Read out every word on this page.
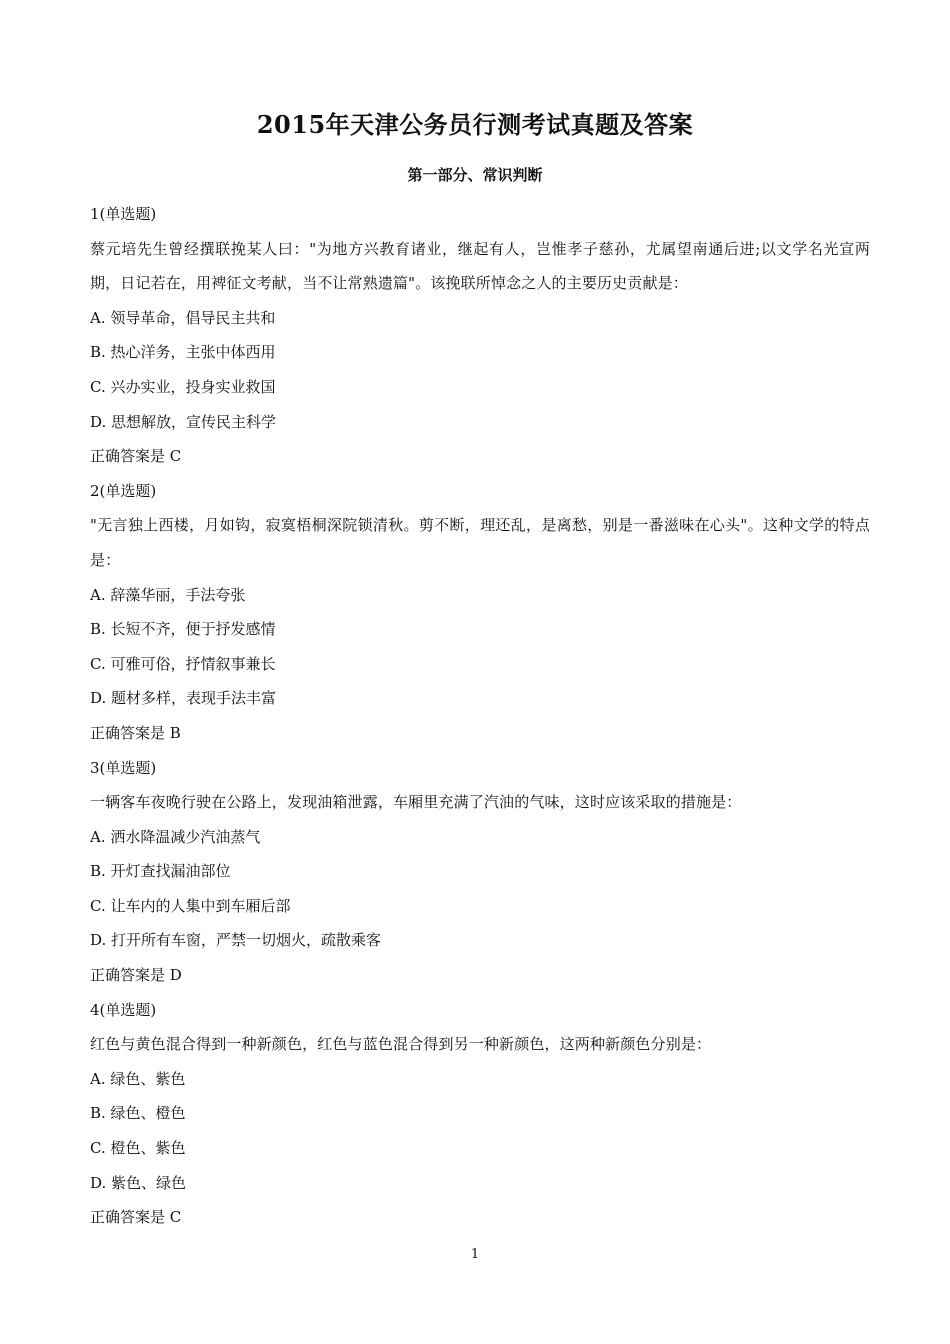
2015年天津公务员行测考试真题及答案
第一部分、常识判断
1(单选题)
蔡元培先生曾经撰联挽某人曰："为地方兴教育诸业，继起有人，岂惟孝子慈孙，尤属望南通后进;以文学名光宣两期，日记若在，用裨征文考献，当不让常熟遗篇"。该挽联所悼念之人的主要历史贡献是：
A. 领导革命，倡导民主共和
B. 热心洋务，主张中体西用
C. 兴办实业，投身实业救国
D. 思想解放，宣传民主科学
正确答案是 C
2(单选题)
"无言独上西楼，月如钩，寂寞梧桐深院锁清秋。剪不断，理还乱，是离愁，别是一番滋味在心头"。这种文学的特点是：
A. 辞藻华丽，手法夸张
B. 长短不齐，便于抒发感情
C. 可雅可俗，抒情叙事兼长
D. 题材多样，表现手法丰富
正确答案是 B
3(单选题)
一辆客车夜晚行驶在公路上，发现油箱泄露，车厢里充满了汽油的气味，这时应该采取的措施是：
A. 洒水降温减少汽油蒸气
B. 开灯查找漏油部位
C. 让车内的人集中到车厢后部
D. 打开所有车窗，严禁一切烟火，疏散乘客
正确答案是 D
4(单选题)
红色与黄色混合得到一种新颜色，红色与蓝色混合得到另一种新颜色，这两种新颜色分别是：
A. 绿色、紫色
B. 绿色、橙色
C. 橙色、紫色
D. 紫色、绿色
正确答案是 C
1
